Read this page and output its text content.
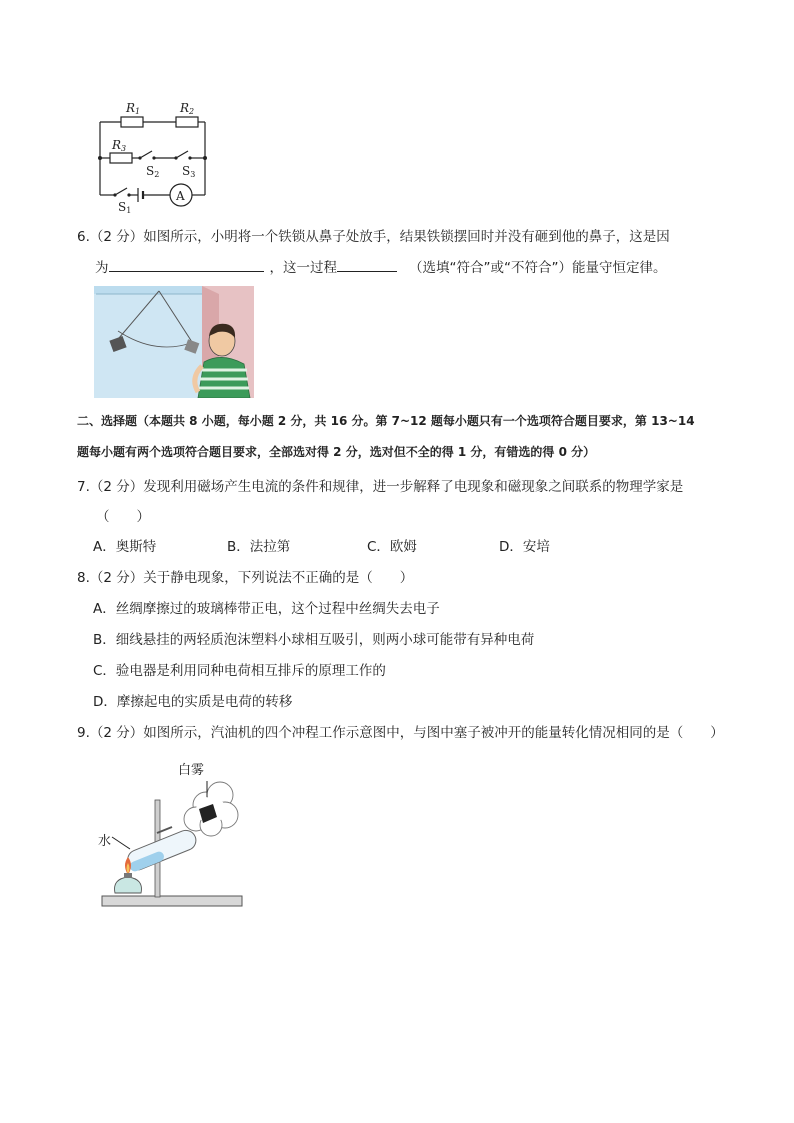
R1	R2
R3
S2 S3
S1
A
6.（2 分）如图所示，小明将一个铁锁从鼻子处放手，结果铁锁摆回时并没有砸到他的鼻子，这是因
为	，这一过程	（选填“符合”或“不符合”）能量守恒定律。
二、选择题（本题共 8 小题，每小题 2 分，共 16 分。第 7~12 题每小题只有一个选项符合题目要求，第 13~14
题每小题有两个选项符合题目要求，全部选对得 2 分，选对但不全的得 1 分，有错选的得 0 分）
7.（2 分）发现利用磁场产生电流的条件和规律，进一步解释了电现象和磁现象之间联系的物理学家是
（　　）
A．奥斯特	B．法拉第	C．欧姆	D．安培
8.（2 分）关于静电现象，下列说法不正确的是（　　）
A．丝绸摩擦过的玻璃棒带正电，这个过程中丝绸失去电子
B．细线悬挂的两轻质泡沫塑料小球相互吸引，则两小球可能带有异种电荷
C．验电器是利用同种电荷相互排斥的原理工作的
D．摩擦起电的实质是电荷的转移
9.（2 分）如图所示，汽油机的四个冲程工作示意图中，与图中塞子被冲开的能量转化情况相同的是（　　）
白雾
水
